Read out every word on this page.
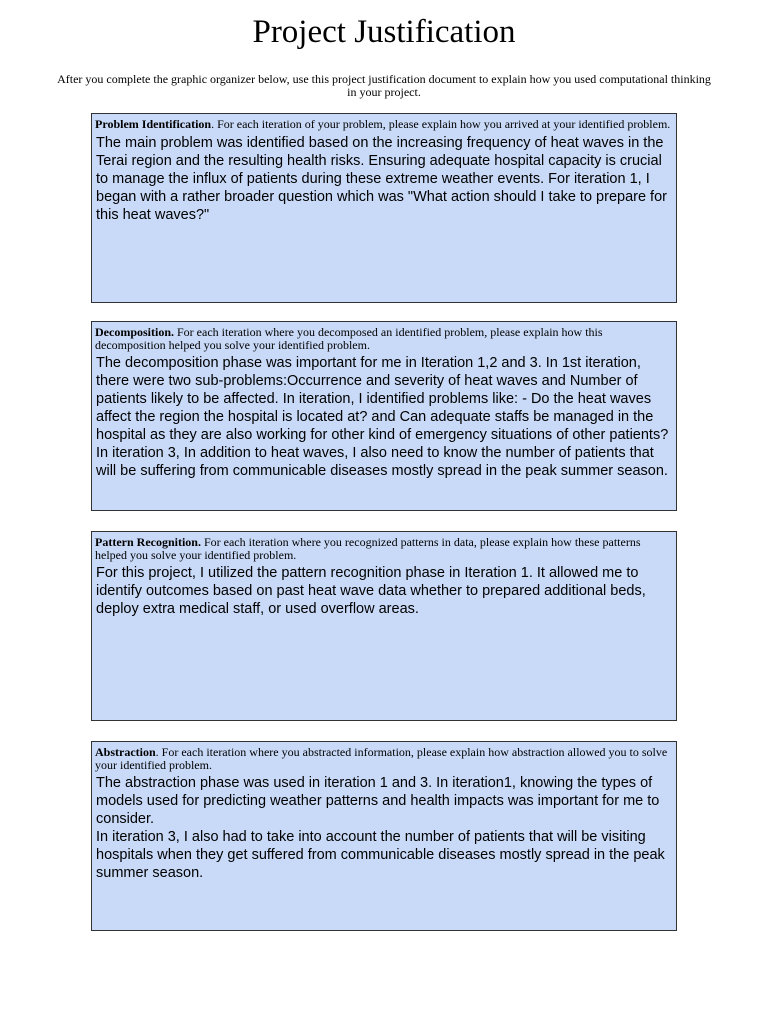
Project Justification
After you complete the graphic organizer below, use this project justification document to explain how you used computational thinking in your project.

Problem Identification. For each iteration of your problem, please explain how you arrived at your identified problem.

The main problem was identified based on the increasing frequency of heat waves in the Terai region and the resulting health risks. Ensuring adequate hospital capacity is crucial to manage the influx of patients during these extreme weather events. For iteration 1, I began with a rather broader question which was "What action should I take to prepare for this heat waves?"

Decomposition. For each iteration where you decomposed an identified problem, please explain how this decomposition helped you solve your identified problem.

The decomposition phase was important for me in Iteration 1,2 and 3. In 1st iteration, there were two sub-problems:Occurrence and severity of heat waves and Number of patients likely to be affected. In iteration, I identified problems like: - Do the heat waves affect the region the hospital is located at? and Can adequate staffs be managed in the hospital as they are also working for other kind of emergency situations of other patients? In iteration 3, In addition to heat waves, I also need to know the number of patients that will be suffering from communicable diseases mostly spread in the peak summer season.

Pattern Recognition. For each iteration where you recognized patterns in data, please explain how these patterns helped you solve your identified problem.

For this project, I utilized the pattern recognition phase in Iteration 1. It allowed me to identify outcomes based on past heat wave data whether to prepared additional beds, deploy extra medical staff, or used overflow areas.

Abstraction. For each iteration where you abstracted information, please explain how abstraction allowed you to solve your identified problem.

The abstraction phase was used in iteration 1 and 3. In iteration1, knowing the types of models used for predicting weather patterns and health impacts was important for me to consider.
In iteration 3, I also had to take into account the number of patients that will be visiting hospitals when they get suffered from communicable diseases mostly spread in the peak summer season.
